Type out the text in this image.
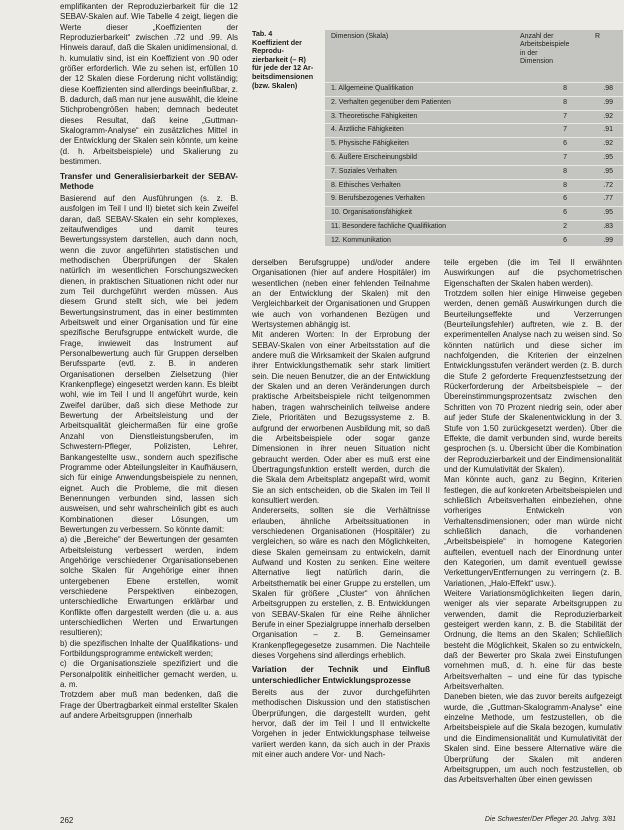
emplifikanten der Reproduzierbarkeit für die 12 SEBAV-Skalen auf. Wie Tabelle 4 zeigt, liegen die Werte dieser „Koeffizienten der Reproduzierbarkeit“ zwischen .72 und .99. Als Hinweis darauf, daß die Skalen unidimensional, d. h. kumulativ sind, ist ein Koeffizient von .90 oder größer erforderlich. Wie zu sehen ist, erfüllen 10 der 12 Skalen diese Forderung nicht vollständig; diese Koeffizienten sind allerdings beeinflußbar, z. B. dadurch, daß man nur jene auswählt, die kleine Stichprobengrößen haben; demnach bedeutet dieses Resultat, daß keine „Guttman-Skalogramm-Analyse“ ein zusätzliches Mittel in der Entwicklung der Skalen sein könnte, um keine (d. h. Arbeitsbeispiele) und Skalierung zu bestimmen.

Transfer und Generalisierbarkeit der SEBAV-Methode

Basierend auf den Ausführungen (s. z. B. ausfolgen im Teil I und II) bietet sich kein Zweifel daran, daß SEBAV-Skalen ein sehr komplexes, zeitaufwendiges und damit teures Bewertungssystem darstellen, auch dann noch, wenn die zuvor angeführten statistischen und methodischen Überprüfungen der Skalen natürlich im wesentlichen Forschungszwecken dienen, in praktischen Situationen nicht oder nur zum Teil durchgeführt werden müssen. Aus diesem Grund stellt sich, wie bei jedem Bewertungsinstrument, das in einer bestimmten Arbeitswelt und einer Organisation und für eine spezifische Berufsgruppe entwickelt wurde, die Frage, inwieweit das Instrument auf Personalbewertung auch für Gruppen derselben Berufssparte (evtl. z. B. in anderen Organisationen derselben Zielsetzung (hier Krankenpflege) eingesetzt werden kann. Es bleibt wohl, wie im Teil I und II angeführt wurde, kein Zweifel darüber, daß sich diese Methode zur Bewertung der Arbeitsleistung und der Arbeitsqualität gleichermaßen für eine große Anzahl von Dienstleistungsberufen, im Schwestern-Pfleger, Polizisten, Lehrer, Bankangestellte usw., sondern auch spezifische Programme oder Abteilungsleiter in Kaufhäusern, sich für einige Anwendungsbeispiele zu nennen, eignet. Auch die Probleme, die mit diesen Benennungen verbunden sind, lassen sich ausweisen, und sehr wahrscheinlich gibt es auch Kombinationen dieser Lösungen, um Bewertungen zu verbessern. So könnte damit:

a) die „Bereiche“ der Bewertungen der gesamten Arbeitsleistung verbessert werden, indem Angehörige verschiedener Organisationsebenen solche Skalen für Angehörige einer ihnen untergebenen Ebene erstellen, womit verschiedene Perspektiven einbezogen, unterschiedliche Erwartungen erklärbar und Konflikte offen dargestellt werden (die u. a. aus unterschiedlichen Werten und Erwartungen resultieren);

b) die spezifischen Inhalte der Qualifikations- und Fortbildungsprogramme entwickelt werden;

c) die Organisationsziele spezifiziert und die Personalpolitik einheitlicher gemacht werden, u. a. m.

Trotzdem aber muß man bedenken, daß die Frage der Übertragbarkeit einmal erstellter Skalen auf andere Arbeitsgruppen (innerhalb

Tab. 4
Koeffizient der Reprodu-
zierbarkeit (– R)
für jede der 12 Ar-
beitsdimensionen
(bzw. Skalen)
Dimension (Skala)	Anzahl der
Arbeitsbeispiele
in der
Dimension
R
1. Allgemeine Qualifikation	8	.98
2. Verhalten gegenüber dem Patienten	8	.99
3. Theoretische Fähigkeiten	7	.92
4. Ärztliche Fähigkeiten	7	.91
5. Physische Fähigkeiten	6	.92
6. Äußere Erscheinungsbild	7	.95
7. Soziales Verhalten	8	.95
8. Ethisches Verhalten	8	.72
9. Berufsbezogenes Verhalten	6	.77
10. Organisationsfähigkeit	6	.95
11. Besondere fachliche Qualifikation	2	.83
12. Kommunikation	6	.99

derselben Berufsgruppe) und/oder andere Organisationen (hier auf andere Hospitäler) im wesentlichen (neben einer fehlenden Teilnahme an der Entwicklung der Skalen) mit den Vergleichbarkeit der Organisationen und Gruppen wie auch von vorhandenen Bezügen und Wertsystemen abhängig ist.

Mit anderen Worten: In der Erprobung der SEBAV-Skalen von einer Arbeitsstation auf die andere muß die Wirksamkeit der Skalen aufgrund ihrer Entwicklungsthematik sehr stark limitiert sein. Die neuen Benutzer, die an der Entwicklung der Skalen und an deren Veränderungen durch praktische Arbeitsbeispiele nicht teilgenommen haben, tragen wahrscheinlich teilweise andere Ziele, Prioritäten und Bezugssysteme z. B. aufgrund der erworbenen Ausbildung mit, so daß die Arbeitsbeispiele oder sogar ganze Dimensionen in ihrer neuen Situation nicht gebraucht werden. Oder aber es muß erst eine Übertragungsfunktion erstellt werden, durch die die Skala dem Arbeitsplatz angepaßt wird, womit Sie an sich entscheiden, ob die Skalen im Teil II konsultiert werden.

Andererseits, sollten sie die Verhältnisse erlauben, ähnliche Arbeitssituationen in verschiedenen Organisationen (Hospitäler) zu vergleichen, so wäre es nach den Möglichkeiten, diese Skalen gemeinsam zu entwickeln, damit Aufwand und Kosten zu senken. Eine weitere Alternative liegt natürlich darin, die Arbeitsthematik bei einer Gruppe zu erstellen, um Skalen für größere „Cluster“ von ähnlichen Arbeitsgruppen zu erstellen, z. B. Entwicklungen von SEBAV-Skalen für eine Reihe ähnlicher Berufe in einer Spezialgruppe innerhalb derselben Organisation – z. B. Gemeinsamer Krankenpflegegesetze zusammen. Die Nachteile dieses Vorgehens sind allerdings erheblich.

Variation der Technik und Einfluß unterschiedlicher Entwicklungsprozesse

Bereits aus der zuvor durchgeführten methodischen Diskussion und den statistischen Überprüfungen, die dargestellt wurden, geht hervor, daß der im Teil I und II entwickelte Vorgehen in jeder Entwicklungsphase teilweise variiert werden kann, da sich auch in der Praxis mit einer auch andere Vor- und Nach-

teile ergeben (die im Teil II erwähnten Auswirkungen auf die psychometrischen Eigenschaften der Skalen haben werden).

Trotzdem sollen hier einige Hinweise gegeben werden, denen gemäß Auswirkungen durch die Beurteilungseffekte und Verzerrungen (Beurteilungsfehler) auftreten, wie z. B. der experimentellen Analyse nach zu weisen sind. So könnten natürlich und diese sicher im nachfolgenden, die Kriterien der einzelnen Entwicklungsstufen verändert werden (z. B. durch die Stufe 2 geforderte Frequenzfestsetzung der Rückerforderung der Arbeitsbeispiele – der Übereinstimmungsprozentsatz zwischen den Schritten von 70 Prozent niedrig sein, oder aber auf jeder Stufe der Skalenentwicklung in der 3. Stufe von 1.50 zurückgesetzt werden). Über die Effekte, die damit verbunden sind, wurde bereits gesprochen (s. u. Übersicht über die Kombination der Reproduzierbarkeit und der Eindimensionalität und der Kumulativität der Skalen).

Man könnte auch, ganz zu Beginn, Kriterien festlegen, die auf konkreten Arbeitsbeispielen und schließlich Arbeitsverhalten einbeziehen, ohne vorheriges Entwickeln von Verhaltensdimensionen; oder man würde nicht schließlich danach, die vorhandenen „Arbeitsbeispiele“ in homogene Kategorien aufteilen, eventuell nach der Einordnung unter den Kategorien, um damit eventuell gewisse Verkettungen/Entfernungen zu verringern (z. B. Variationen, „Halo-Effekt“ usw.).

Weitere Variationsmöglichkeiten liegen darin, weniger als vier separate Arbeitsgruppen zu verwenden, damit die Reproduzierbarkeit gesteigert werden kann, z. B. die Stabilität der Ordnung, die Items an den Skalen; Schließlich besteht die Möglichkeit, Skalen so zu entwickeln, daß der Bewerter pro Skala zwei Einstufungen vornehmen muß, d. h. eine für das beste Arbeitsverhalten – und eine für das typische Arbeitsverhalten.

Daneben bieten, wie das zuvor bereits aufgezeigt wurde, die „Guttman-Skalogramm-Analyse“ eine einzelne Methode, um festzustellen, ob die Arbeitsbeispiele auf die Skala bezogen, kumulativ und die Eindimensionalität und Kumulativität der Skalen sind. Eine bessere Alternative wäre die Überprüfung der Skalen mit anderen Arbeitsgruppen, um auch noch festzustellen, ob das Arbeitsverhalten über einen gewissen

262	Die Schwester/Der Pfleger 20. Jahrg. 3/81
